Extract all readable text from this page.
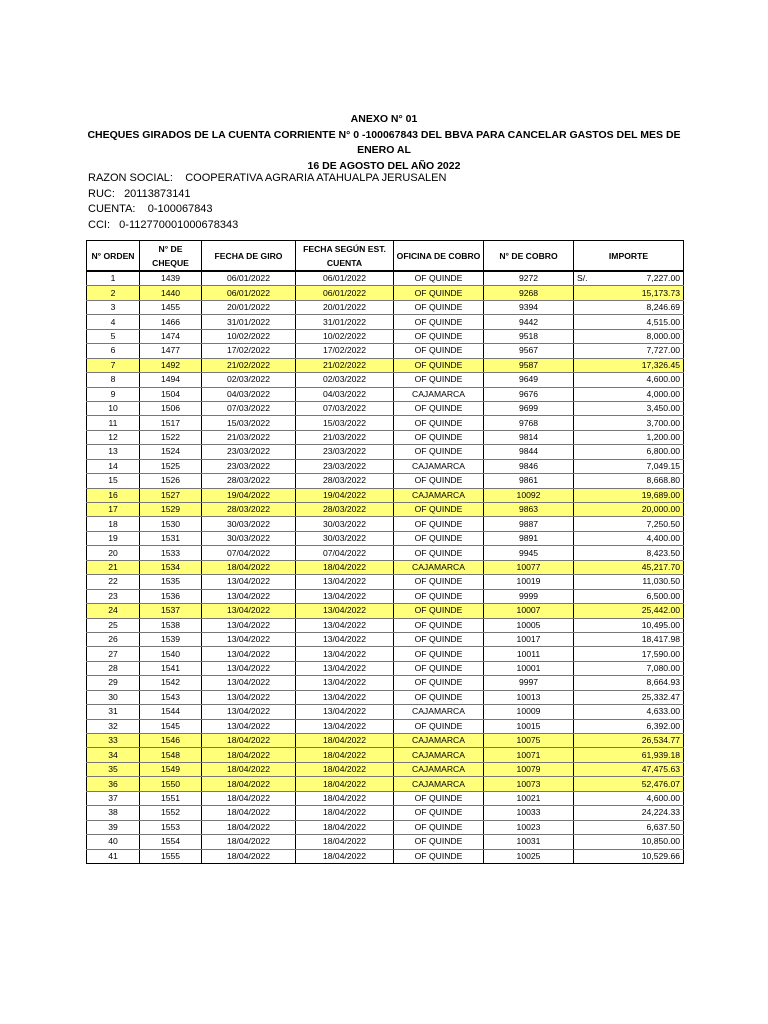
ANEXO N° 01
CHEQUES GIRADOS DE LA CUENTA CORRIENTE N° 0 -100067843 DEL BBVA PARA CANCELAR GASTOS DEL MES DE ENERO AL
16 DE AGOSTO DEL AÑO 2022
RAZON SOCIAL: COOPERATIVA AGRARIA ATAHUALPA JERUSALEN
RUC: 20113873141
CUENTA: 0-100067843
CCI: 0-112770001000678343
N° ORDEN	N° DE CHEQUE	FECHA DE GIRO	FECHA SEGÚN EST. CUENTA	OFICINA DE COBRO	N° DE COBRO	IMPORTE
1	1439	06/01/2022	06/01/2022	OF QUINDE	9272	S/. 7,227.00

2	1440	06/01/2022	06/01/2022	OF QUINDE	9268	15,173.73

3	1455	20/01/2022	20/01/2022	OF QUINDE	9394	8,246.69

4	1466	31/01/2022	31/01/2022	OF QUINDE	9442	4,515.00

5	1474	10/02/2022	10/02/2022	OF QUINDE	9518	8,000.00

6	1477	17/02/2022	17/02/2022	OF QUINDE	9567	7,727.00

7	1492	21/02/2022	21/02/2022	OF QUINDE	9587	17,326.45

8	1494	02/03/2022	02/03/2022	OF QUINDE	9649	4,600.00

9	1504	04/03/2022	04/03/2022	CAJAMARCA	9676	4,000.00

10	1506	07/03/2022	07/03/2022	OF QUINDE	9699	3,450.00

11	1517	15/03/2022	15/03/2022	OF QUINDE	9768	3,700.00

12	1522	21/03/2022	21/03/2022	OF QUINDE	9814	1,200.00

13	1524	23/03/2022	23/03/2022	OF QUINDE	9844	6,800.00

14	1525	23/03/2022	23/03/2022	CAJAMARCA	9846	7,049.15

15	1526	28/03/2022	28/03/2022	OF QUINDE	9861	8,668.80

16	1527	19/04/2022	19/04/2022	CAJAMARCA	10092	19,689.00

17	1529	28/03/2022	28/03/2022	OF QUINDE	9863	20,000.00

18	1530	30/03/2022	30/03/2022	OF QUINDE	9887	7,250.50

19	1531	30/03/2022	30/03/2022	OF QUINDE	9891	4,400.00

20	1533	07/04/2022	07/04/2022	OF QUINDE	9945	8,423.50

21	1534	18/04/2022	18/04/2022	CAJAMARCA	10077	45,217.70

22	1535	13/04/2022	13/04/2022	OF QUINDE	10019	11,030.50

23	1536	13/04/2022	13/04/2022	OF QUINDE	9999	6,500.00

24	1537	13/04/2022	13/04/2022	OF QUINDE	10007	25,442.00

25	1538	13/04/2022	13/04/2022	OF QUINDE	10005	10,495.00

26	1539	13/04/2022	13/04/2022	OF QUINDE	10017	18,417.98

27	1540	13/04/2022	13/04/2022	OF QUINDE	10011	17,590.00

28	1541	13/04/2022	13/04/2022	OF QUINDE	10001	7,080.00

29	1542	13/04/2022	13/04/2022	OF QUINDE	9997	8,664.93

30	1543	13/04/2022	13/04/2022	OF QUINDE	10013	25,332.47

31	1544	13/04/2022	13/04/2022	CAJAMARCA	10009	4,633.00

32	1545	13/04/2022	13/04/2022	OF QUINDE	10015	6,392.00

33	1546	18/04/2022	18/04/2022	CAJAMARCA	10075	26,534.77

34	1548	18/04/2022	18/04/2022	CAJAMARCA	10071	61,939.18

35	1549	18/04/2022	18/04/2022	CAJAMARCA	10079	47,475.63

36	1550	18/04/2022	18/04/2022	CAJAMARCA	10073	52,476.07

37	1551	18/04/2022	18/04/2022	OF QUINDE	10021	4,600.00

38	1552	18/04/2022	18/04/2022	OF QUINDE	10033	24,224.33

39	1553	18/04/2022	18/04/2022	OF QUINDE	10023	6,637.50

40	1554	18/04/2022	18/04/2022	OF QUINDE	10031	10,850.00

41	1555	18/04/2022	18/04/2022	OF QUINDE	10025	10,529.66
